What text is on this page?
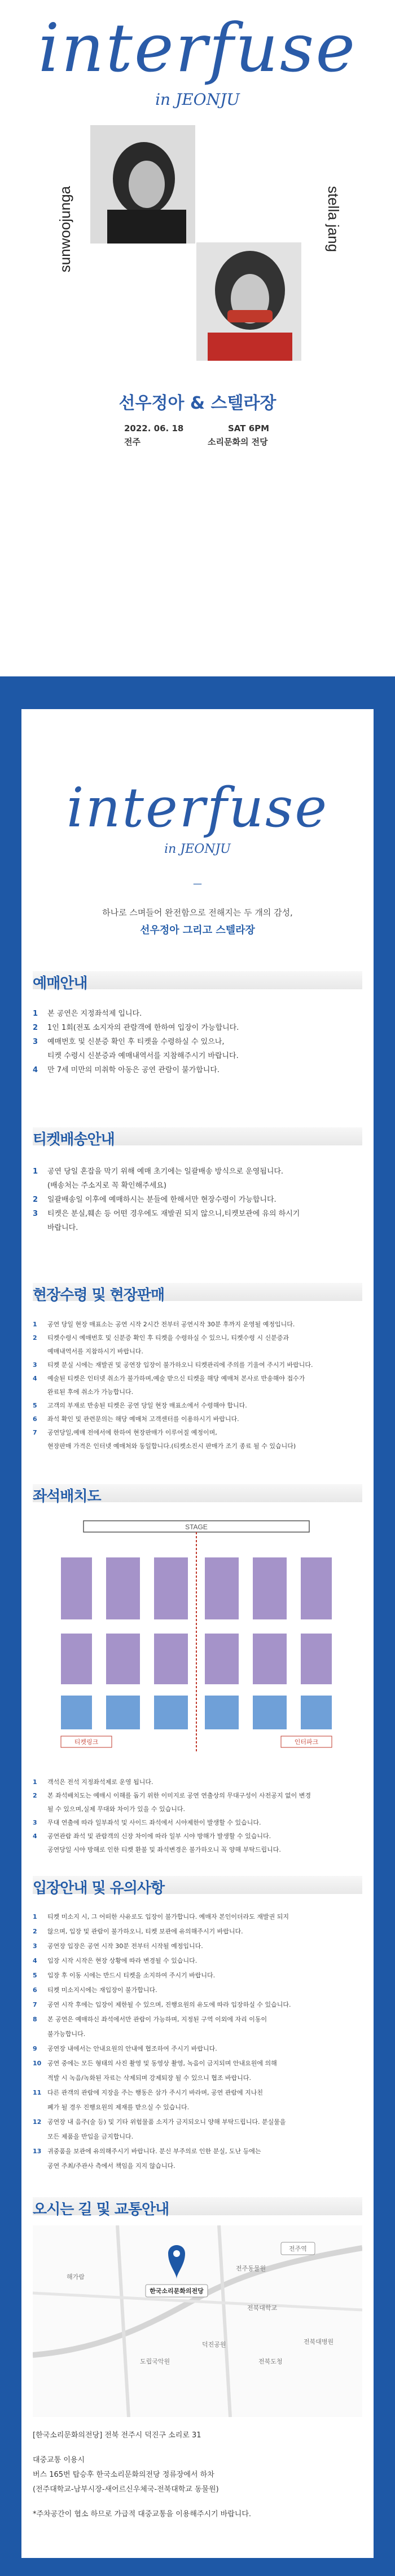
interfuse
in JEONJU
sunwoojunga	stella jang
선우정아 & 스텔라장
2022. 06. 18	SAT 6PM
전주	소리문화의 전당
interfuse
in JEONJU
—
하나로 스며들어 완전함으로 전해지는 두 개의 감성,
선우정아 그리고 스텔라장
예매안내
1	본 공연은 지정좌석제 입니다.
2	1인 1회(전포 소지자의 관람객에 한하여 입장이 가능합니다.
3	예매번호 및 신분증 확인 후 티켓을 수령하실 수 있으나,
티켓 수령시 신분증과 예매내역서를 지참해주시기 바랍니다.
4	만 7세 미만의 미취학 아동은 공연 관람이 불가합니다.
티켓배송안내
1	공연 당일 혼잡을 막기 위해 예매 초기에는 일괄배송 방식으로 운영됩니다.
(배송처는 주소지로 꼭 확인해주세요)
2	일괄배송일 이후에 예매하시는 분들에 한해서만 현장수령이 가능합니다.
3	티켓은 분실,훼손 등 어떤 경우에도 재발권 되지 않으니,티켓보관에 유의 하시기
바랍니다.
현장수령 및 현장판매
1	공연 당일 현장 매표소는 공연 시작 2시간 전부터 공연시작 30분 후까지 운영될 예정입니다.
2	티켓수령시 예매번호 및 신분증 확인 후 티켓을 수령하실 수 있으니, 티켓수령 시 신분증과
예매내역서를 지참하시기 바랍니다.
3	티켓 분실 시에는 재발권 및 공연장 입장이 불가하오니 티켓관리에 주의를 기울여 주시기 바랍니다.
4	예술된 티켓은 인터넷 취소가 불가하며,예술 받으신 티켓을 해당 예매처 본사로 반송해야 접수가
완료된 후에 취소가 가능합니다.
5	고객의 부재로 반송된 티켓은 공연 당일 현장 매표소에서 수령해야 합니다.
6	좌석 확인 및 관련문의는 해당 예매처 고객센터를 이용하시기 바랍니다.
7	공연당일,예매 전에서에 한하여 현장판매가 이루어질 예정이며,
현장판매 가격은 인터넷 예매처와 동일합니다.(티켓소진시 판매가 조기 종료 될 수 있습니다)
좌석배치도
STAGE
티켓링크	인터파크
1	객석은 전석 지정좌석제로 운영 됩니다.
2	본 좌석배치도는 예매시 이해를 돕기 위한 이미지로 공연 연출상의 무대구성이 사전공지 없이 변경
될 수 있으며,실제 무대와 차이가 있을 수 있습니다.
3	무대 연출에 따라 일부좌석 및 사이드 좌석에서 시야제한이 발생할 수 있습니다.
4	공연관람 좌석 및 관람객의 신장 차이에 따라 일부 시야 방해가 발생할 수 있습니다.
공연당일 시야 방해로 인한 티켓 환불 및 좌석변경은 불가하오니 꼭 양해 부탁드립니다.
입장안내 및 유의사항
1	티켓 미소지 시, 그 어떠한 사유로도 입장이 불가합니다. 예매자 본인이더라도 재발권 되지
2	않으며, 입장 및 관람이 불가하오니, 티켓 보관에 유의해주시기 바랍니다.
3	공연장 입장은 공연 시작 30분 전부터 시작될 예정입니다.
4	입장 시작 시작은 현장 상황에 따라 변경될 수 있습니다.
5	입장 후 이동 시에는 반드시 티켓을 소지하여 주시기 바랍니다.
6	티켓 미소지시에는 재입장이 불가합니다.
7	공연 시작 후에는 입장이 제한될 수 있으며, 진행요원의 유도에 따라 입장하실 수 있습니다.
8	본 공연은 예매하신 좌석에서만 관람이 가능하며, 지정된 구역 이외에 자리 이동이
불가능합니다.
9	공연장 내에서는 안내요원의 안내에 협조하여 주시기 바랍니다.
10 공연 중에는 모든 형태의 사진 촬영 및 동영상 촬영, 녹음이 금지되며 안내요원에 의해
적발 시 녹음/녹화된 자료는 삭제되며 강제퇴장 될 수 있으니 협조 바랍니다.
11 다른 관객의 관람에 지장을 주는 행동은 삼가 주시기 바라며, 공연 관람에 지나친
폐가 될 경우 진행요원의 제재를 받으실 수 있습니다.
12 공연장 내 음주(술 등) 및 기타 위험물품 소지가 금지되오니 양해 부탁드립니다. 분실물을
모든 제품을 반입을 금지합니다.
13 귀중품을 보관에 유의해주시기 바랍니다. 분신 부주의로 인한 분실, 도난 등에는
공연 주최/주관사 측에서 책임을 지지 않습니다.
오시는 길 및 교통안내
한국소리문화의전당
전주역
전주동물원
전북대학교
덕진공원	전북대병원
도립국악원	전북도청
해가람
[한국소리문화의전당] 전북 전주시 덕진구 소리로 31
대중교통 이용시
버스 165번 탑승후 한국소리문화의전당 정류장에서 하차
(전주대학교-남부시장-새어르신우체국-전북대학교 동물원)
*주차공간이 협소 하므로 가급적 대중교통을 이용해주시기 바랍니다.
